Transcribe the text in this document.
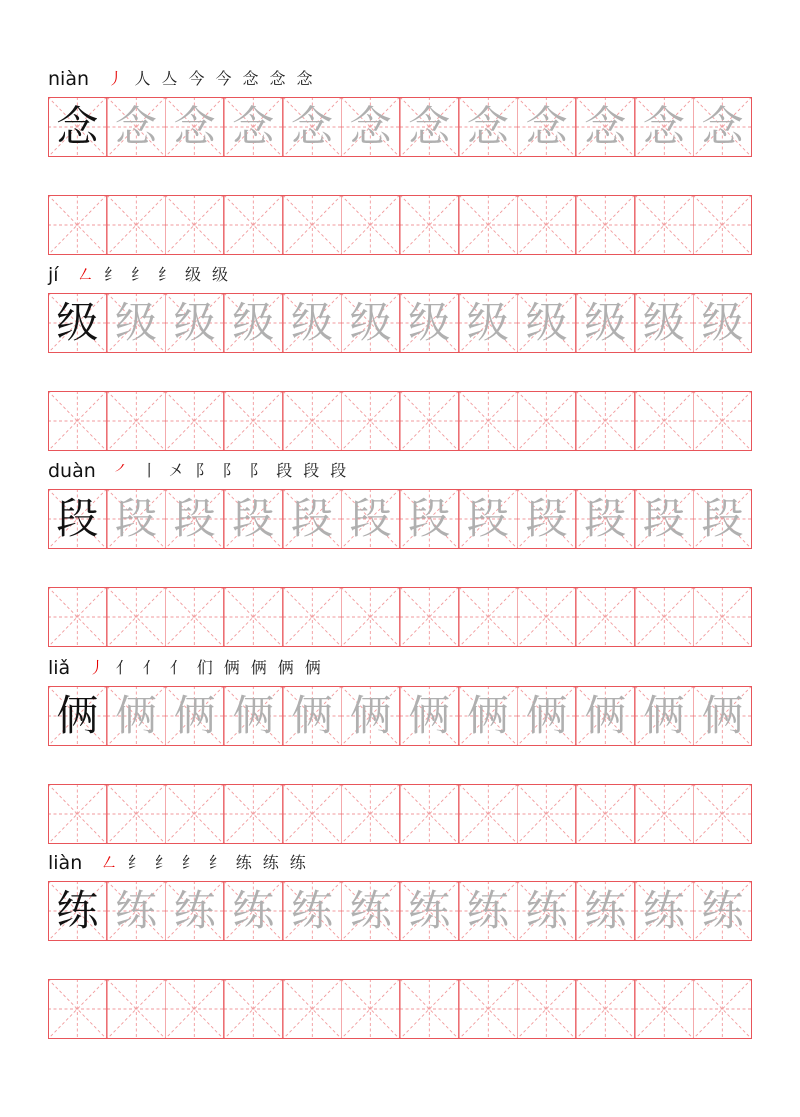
niàn 丿 人 亼 今 今 念 念 念
念 念 念 念 念 念 念 念 念 念 念 念
jí ㇜ 纟 纟 纟 级 级
级 级 级 级 级 级 级 级 级 级 级 级
duàn ㇒ 丨 㐅 阝 阝 阝 段 段 段
段 段 段 段 段 段 段 段 段 段 段 段
liǎ 丿 亻 亻 亻 们 俩 俩 俩 俩
俩 俩 俩 俩 俩 俩 俩 俩 俩 俩 俩 俩
liàn ㇜ 纟 纟 纟 纟 练 练 练
练 练 练 练 练 练 练 练 练 练 练 练
